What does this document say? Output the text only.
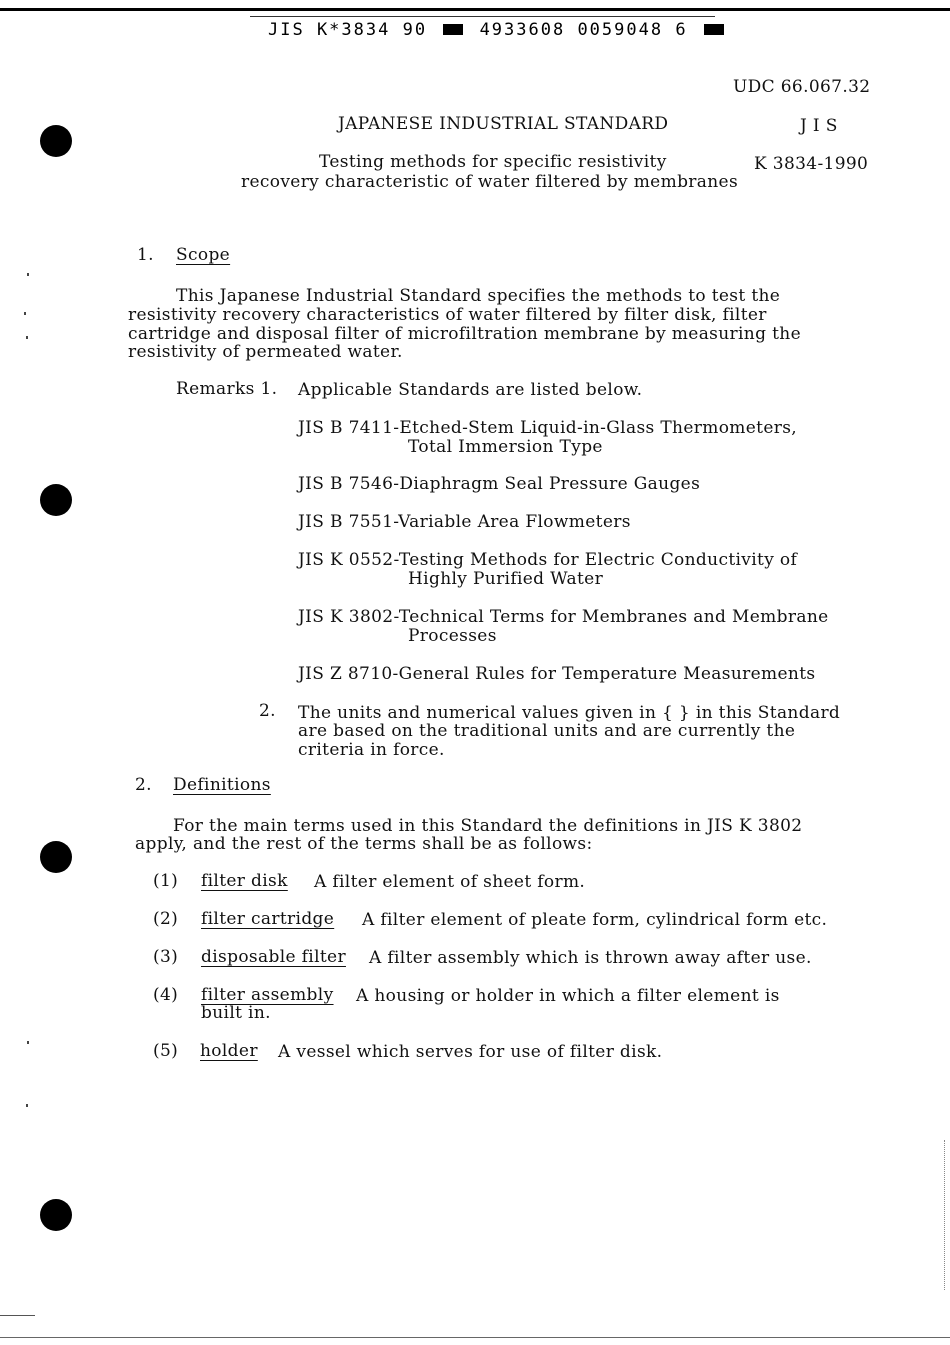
JIS K*3834 90	4933608 0059048 6
UDC 66.067.32
JAPANESE INDUSTRIAL STANDARD	J I S
Testing methods for specific resistivity	K 3834-1990
recovery characteristic of water filtered by membranes
1. Scope
This Japanese Industrial Standard specifies the methods to test the
resistivity recovery characteristics of water filtered by filter disk, filter
cartridge and disposal filter of microfiltration membrane by measuring the
resistivity of permeated water.
Remarks 1. Applicable Standards are listed below.
JIS B 7411-Etched-Stem Liquid-in-Glass Thermometers,
Total Immersion Type
JIS B 7546-Diaphragm Seal Pressure Gauges
JIS B 7551-Variable Area Flowmeters
JIS K 0552-Testing Methods for Electric Conductivity of
Highly Purified Water
JIS K 3802-Technical Terms for Membranes and Membrane
Processes
JIS Z 8710-General Rules for Temperature Measurements
2. The units and numerical values given in { } in this Standard
are based on the traditional units and are currently the
criteria in force.
2. Definitions
For the main terms used in this Standard the definitions in JIS K 3802
apply, and the rest of the terms shall be as follows:
(1) filter disk A filter element of sheet form.
(2) filter cartridge A filter element of pleate form, cylindrical form etc.
(3) disposable filter A filter assembly which is thrown away after use.
(4) filter assembly A housing or holder in which a filter element is
built in.
(5) holder A vessel which serves for use of filter disk.
